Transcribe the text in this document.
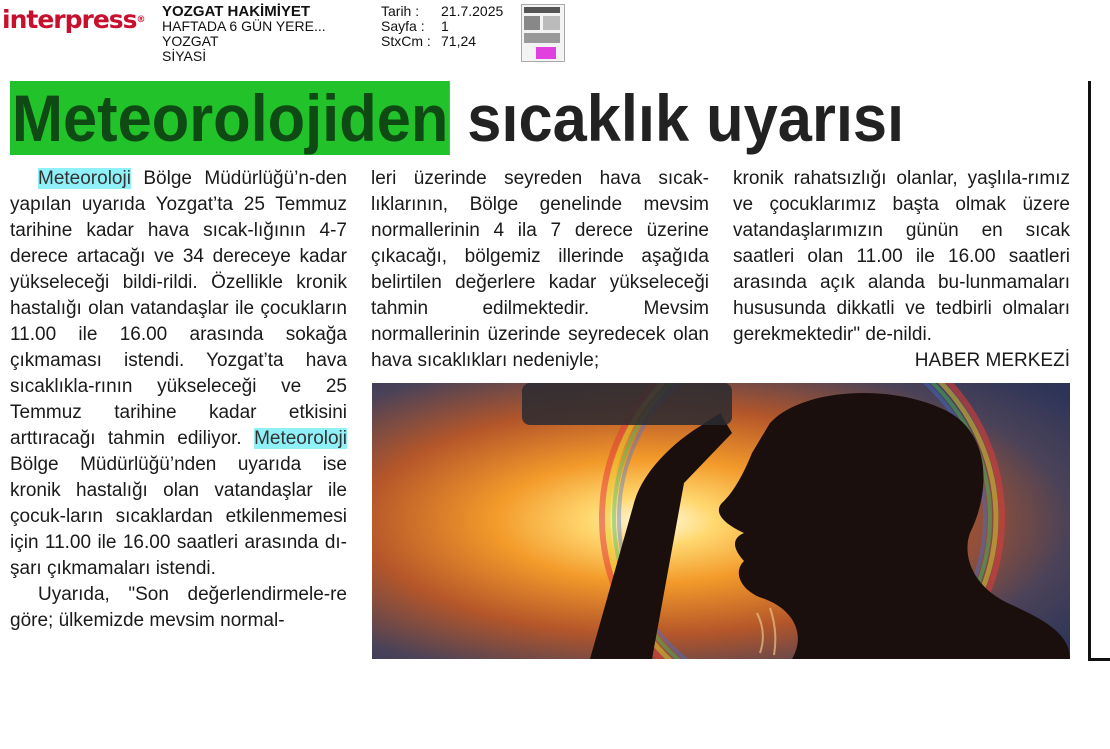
interpress® YOZGAT HAKİMİYET
HAFTADA 6 GÜN YERE...
YOZGAT
SİYASİ
Tarih :	21.7.2025
Sayfa :	1
StxCm : 71,24
Meteorolojiden sıcaklık uyarısı

Meteoroloji Bölge Müdürlüğü’n-den yapılan uyarıda Yozgat’ta 25 Temmuz tarihine kadar hava sıcak-lığının 4-7 derece artacağı ve 34 dereceye kadar yükseleceği bildi-rildi. Özellikle kronik hastalığı olan vatandaşlar ile çocukların 11.00 ile 16.00 arasında sokağa çıkmaması istendi. Yozgat’ta hava sıcaklıkla-rının yükseleceği ve 25 Temmuz tarihine kadar etkisini arttıracağı tahmin ediliyor. Meteoroloji Bölge Müdürlüğü’nden uyarıda ise kronik hastalığı olan vatandaşlar ile çocuk-ların sıcaklardan etkilenmemesi için 11.00 ile 16.00 saatleri arasında dı-şarı çıkmamaları istendi.

Uyarıda, "Son değerlendirmele-re göre; ülkemizde mevsim normal-

leri üzerinde seyreden hava sıcak-lıklarının, Bölge genelinde mevsim normallerinin 4 ila 7 derece üzerine çıkacağı, bölgemiz illerinde aşağıda belirtilen değerlere kadar yükseleceği tahmin edilmektedir. Mevsim normallerinin üzerinde seyredecek olan hava sıcaklıkları nedeniyle;

kronik rahatsızlığı olanlar, yaşlıla-rımız ve çocuklarımız başta olmak üzere vatandaşlarımızın günün en sıcak saatleri olan 11.00 ile 16.00 saatleri arasında açık alanda bu-lunmamaları hususunda dikkatli ve tedbirli olmaları gerekmektedir" de-nildi.
HABER MERKEZİ
